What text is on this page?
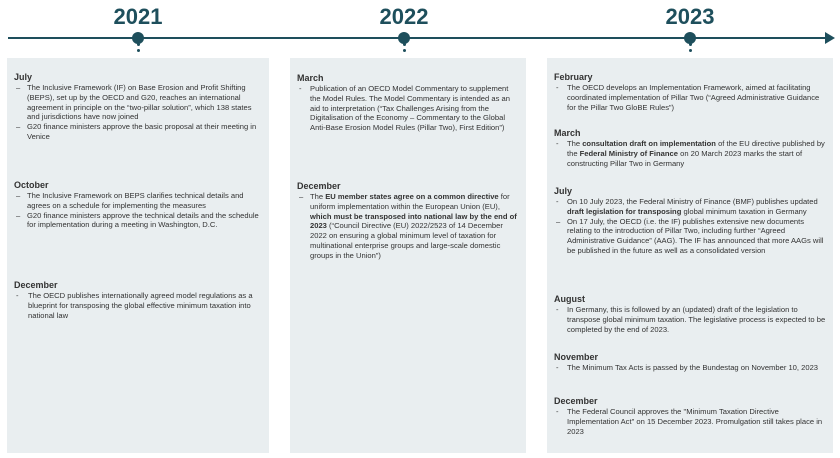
2021	2022	2023
July
– The Inclusive Framework (IF) on Base Erosion and Profit Shifting (BEPS), set up by the OECD and G20, reaches an international agreement in principle on the “two-pillar solution”, which 138 states and jurisdictions have now joined
– G20 finance ministers approve the basic proposal at their meeting in Venice
October
– The Inclusive Framework on BEPS clarifies technical details and agrees on a schedule for implementing the measures
– G20 finance ministers approve the technical details and the schedule for implementation during a meeting in Washington, D.C.
December
- The OECD publishes internationally agreed model regulations as a blueprint for transposing the global effective minimum taxation into national law
March
- Publication of an OECD Model Commentary to supplement the Model Rules. The Model Commentary is intended as an aid to interpretation (“Tax Challenges Arising from the Digitalisation of the Economy – Commentary to the Global Anti-Base Erosion Model Rules (Pillar Two), First Edition”)
December
– The EU member states agree on a common directive for uniform implementation within the European Union (EU), which must be transposed into national law by the end of 2023 (“Council Directive (EU) 2022/2523 of 14 December 2022 on ensuring a global minimum level of taxation for multinational enterprise groups and large-scale domestic groups in the Union”)
February
- The OECD develops an Implementation Framework, aimed at facilitating coordinated implementation of Pillar Two (“Agreed Administrative Guidance for the Pillar Two GloBE Rules”)
March
- The consultation draft on implementation of the EU directive published by the Federal Ministry of Finance on 20 March 2023 marks the start of constructing Pillar Two in Germany
July
- On 10 July 2023, the Federal Ministry of Finance (BMF) publishes updated draft legislation for transposing global minimum taxation in Germany
– On 17 July, the OECD (i.e. the IF) publishes extensive new documents relating to the introduction of Pillar Two, including further “Agreed Administrative Guidance” (AAG). The IF has announced that more AAGs will be published in the future as well as a consolidated version
August
- In Germany, this is followed by an (updated) draft of the legislation to transpose global minimum taxation. The legislative process is expected to be completed by the end of 2023.
November
- The Minimum Tax Acts is passed by the Bundestag on November 10, 2023
December
- The Federal Council approves the "Minimum Taxation Directive Implementation Act" on 15 December 2023. Promulgation still takes place in 2023
